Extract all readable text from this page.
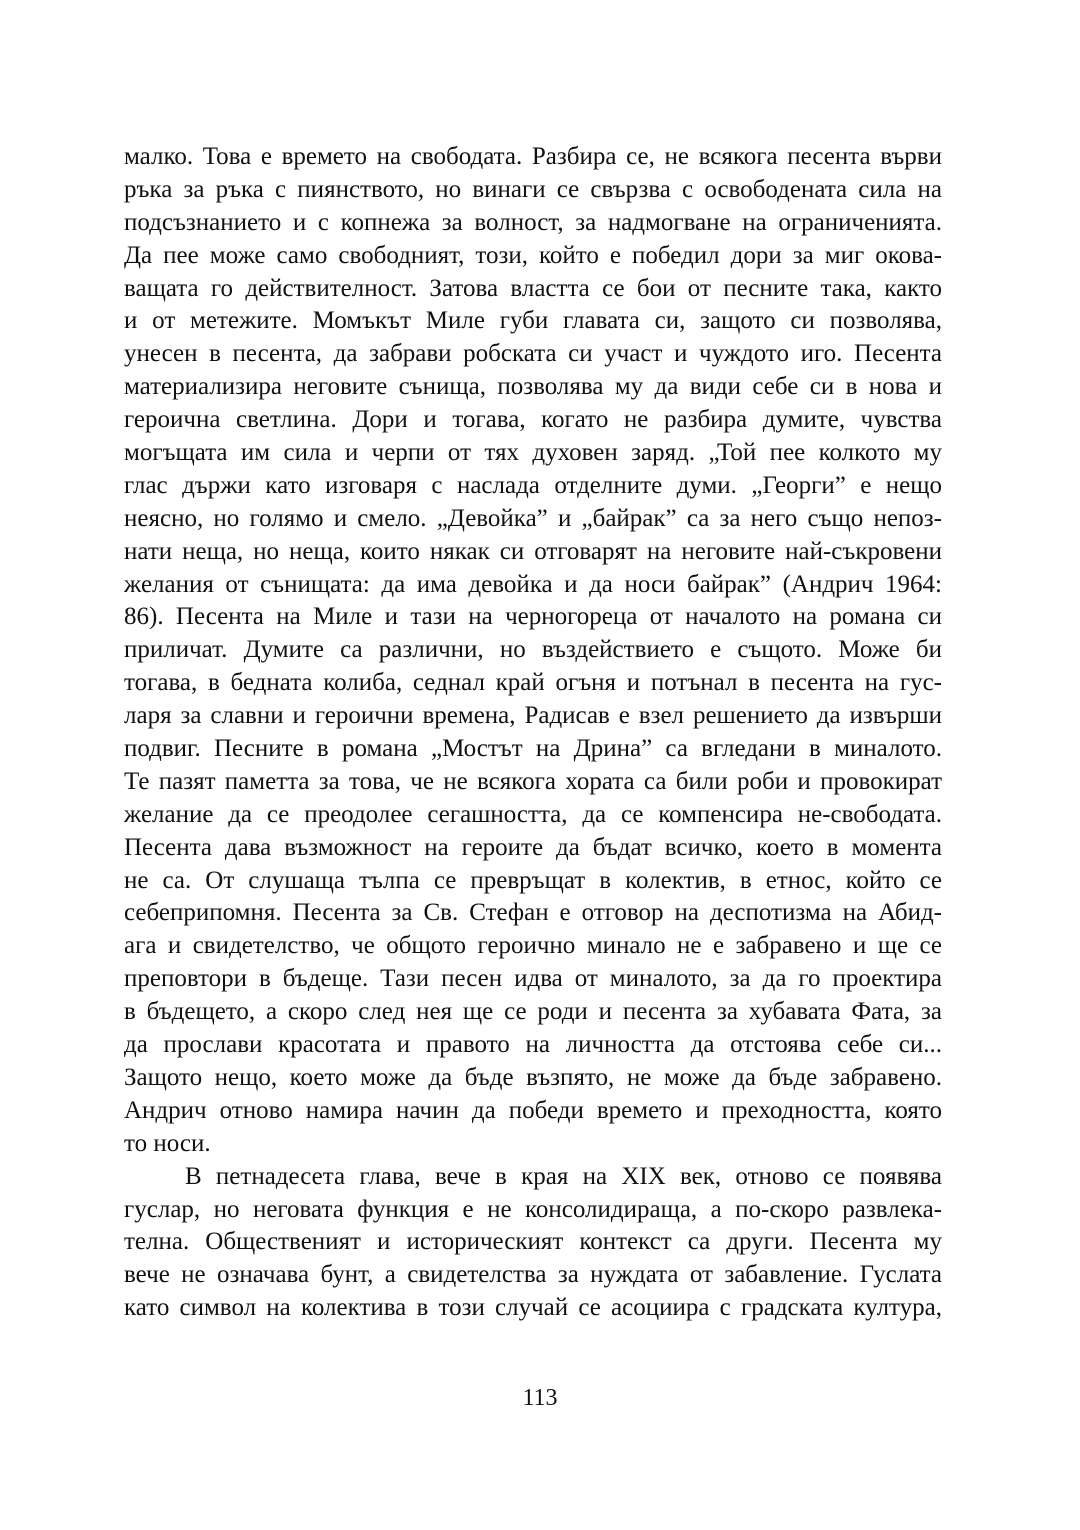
малко. Това е времето на свободата. Разбира се, не всякога песента върви
ръка за ръка с пиянството, но винаги се свързва с освободената сила на
подсъзнанието и с копнежа за волност, за надмогване на ограниченията.
Да пее може само свободният, този, който е победил дори за миг окова-
ващата го действителност. Затова властта се бои от песните така, както
и от метежите. Момъкът Миле губи главата си, защото си позволява,
унесен в песента, да забрави робската си участ и чуждото иго. Песента
материализира неговите сънища, позволява му да види себе си в нова и
героична светлина. Дори и тогава, когато не разбира думите, чувства
могъщата им сила и черпи от тях духовен заряд. „Той пее колкото му
глас държи като изговаря с наслада отделните думи. „Георги” е нещо
неясно, но голямо и смело. „Девойка” и „байрак” са за него също непоз-
нати неща, но неща, които някак си отговарят на неговите най-съкровени
желания от сънищата: да има девойка и да носи байрак” (Андрич 1964:
86). Песента на Миле и тази на черногореца от началото на романа си
приличат. Думите са различни, но въздействието е същото. Може би
тогава, в бедната колиба, седнал край огъня и потънал в песента на гус-
ларя за славни и героични времена, Радисав е взел решението да извърши
подвиг. Песните в романа „Мостът на Дрина” са вгледани в миналото.
Те пазят паметта за това, че не всякога хората са били роби и провокират
желание да се преодолее сегашността, да се компенсира не-свободата.
Песента дава възможност на героите да бъдат всичко, което в момента
не са. От слушаща тълпа се превръщат в колектив, в етнос, който се
себеприпомня. Песента за Св. Стефан е отговор на деспотизма на Абид-
ага и свидетелство, че общото героично минало не е забравено и ще се
преповтори в бъдеще. Тази песен идва от миналото, за да го проектира
в бъдещето, а скоро след нея ще се роди и песента за хубавата Фата, за
да прослави красотата и правото на личността да отстоява себе си...
Защото нещо, което може да бъде възпято, не може да бъде забравено.
Андрич отново намира начин да победи времето и преходността, която
то носи.
В петнадесета глава, вече в края на XIX век, отново се появява
гуслар, но неговата функция е не консолидираща, а по-скоро развлека-
телна. Общественият и историческият контекст са други. Песента му
вече не означава бунт, а свидетелства за нуждата от забавление. Гуслата
като символ на колектива в този случай се асоциира с градската култура,
113
